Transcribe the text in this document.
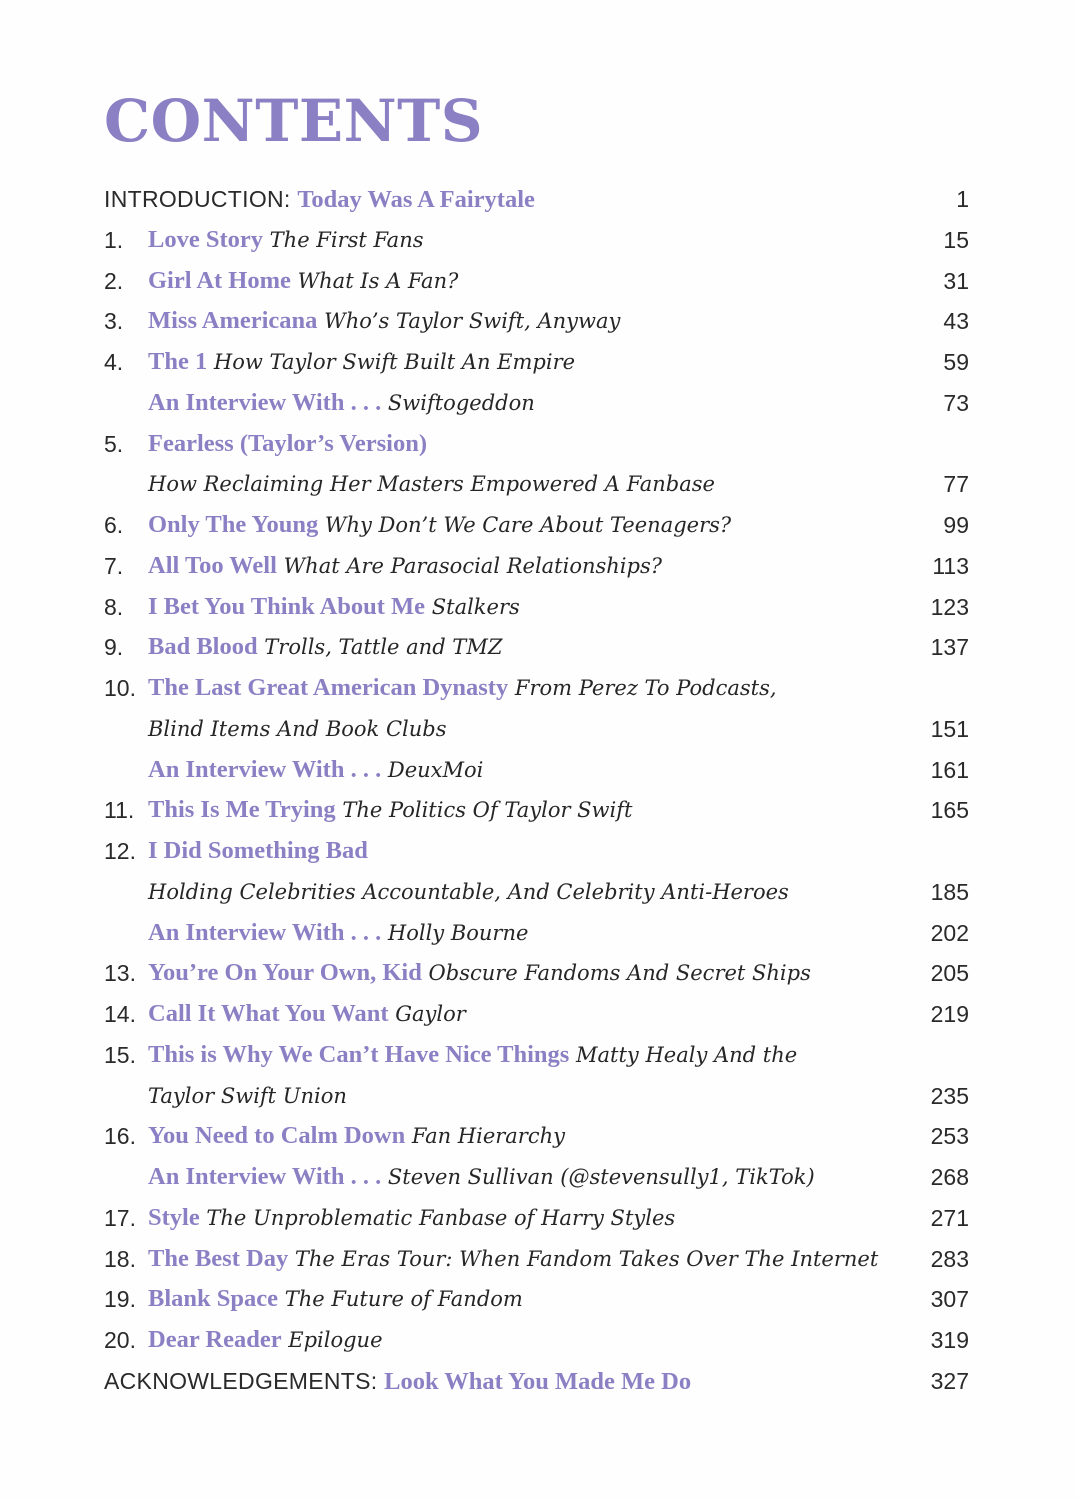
CONTENTS
INTRODUCTION: Today Was A Fairytale	1
1. Love Story The First Fans	15
2. Girl At Home What Is A Fan?	31
3. Miss Americana Who’s Taylor Swift, Anyway	43
4. The 1 How Taylor Swift Built An Empire	59
An Interview With . . . Swiftogeddon	73
5. Fearless (Taylor’s Version)
How Reclaiming Her Masters Empowered A Fanbase	77
6. Only The Young Why Don’t We Care About Teenagers?	99
7. All Too Well What Are Parasocial Relationships?	113
8. I Bet You Think About Me Stalkers	123
9. Bad Blood Trolls, Tattle and TMZ	137
10. The Last Great American Dynasty From Perez To Podcasts,
Blind Items And Book Clubs	151
An Interview With . . . DeuxMoi	161
11. This Is Me Trying The Politics Of Taylor Swift	165
12. I Did Something Bad
Holding Celebrities Accountable, And Celebrity Anti-Heroes	185
An Interview With . . . Holly Bourne	202
13. You’re On Your Own, Kid Obscure Fandoms And Secret Ships	205
14. Call It What You Want Gaylor	219
15. This is Why We Can’t Have Nice Things Matty Healy And the
Taylor Swift Union	235
16. You Need to Calm Down Fan Hierarchy	253
An Interview With . . . Steven Sullivan (@stevensully1, TikTok)	268
17. Style The Unproblematic Fanbase of Harry Styles	271
18. The Best Day The Eras Tour: When Fandom Takes Over The Internet 283
19. Blank Space The Future of Fandom	307
20. Dear Reader Epilogue	319
ACKNOWLEDGEMENTS: Look What You Made Me Do	327
